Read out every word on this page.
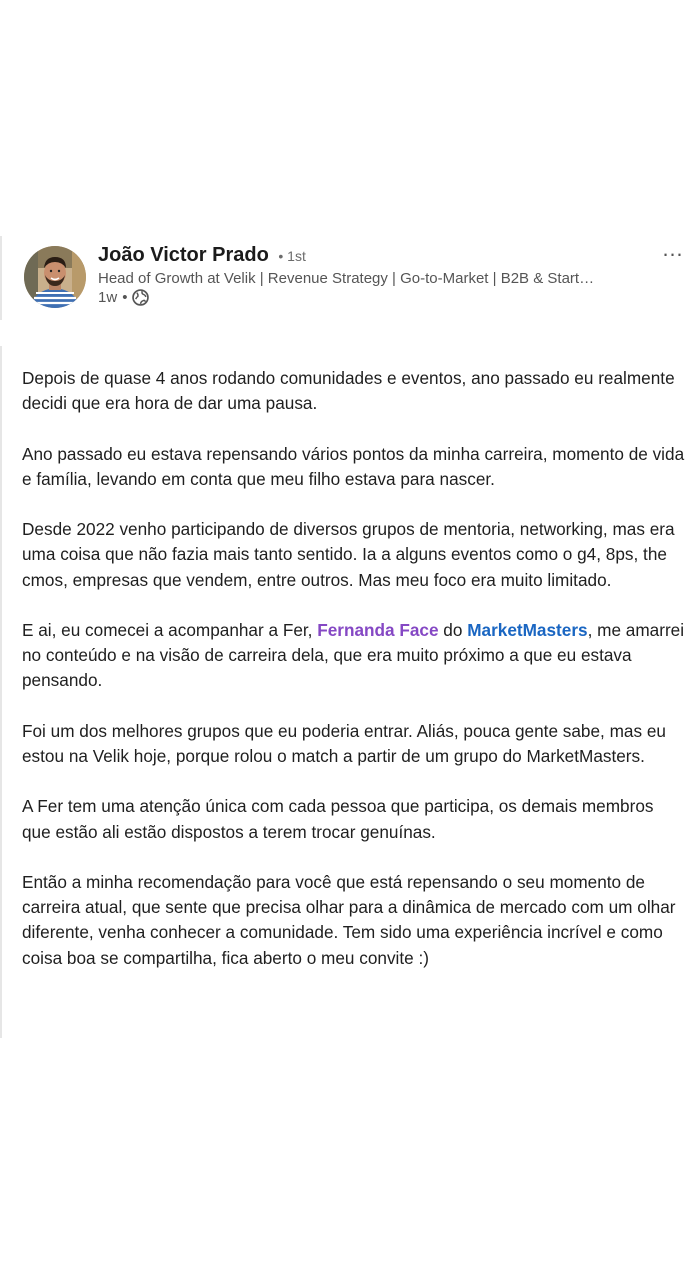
João Victor Prado • 1st
Head of Growth at Velik | Revenue Strategy | Go-to-Market | B2B & Start…
1w •
…

Depois de quase 4 anos rodando comunidades e eventos, ano passado eu realmente decidi que era hora de dar uma pausa.

Ano passado eu estava repensando vários pontos da minha carreira, momento de vida e família, levando em conta que meu filho estava para nascer.

Desde 2022 venho participando de diversos grupos de mentoria, networking, mas era uma coisa que não fazia mais tanto sentido. Ia a alguns eventos como o g4, 8ps, the cmos, empresas que vendem, entre outros. Mas meu foco era muito limitado.

E ai, eu comecei a acompanhar a Fer, Fernanda Face do MarketMasters, me amarrei no conteúdo e na visão de carreira dela, que era muito próximo a que eu estava pensando.

Foi um dos melhores grupos que eu poderia entrar. Aliás, pouca gente sabe, mas eu estou na Velik hoje, porque rolou o match a partir de um grupo do MarketMasters.

A Fer tem uma atenção única com cada pessoa que participa, os demais membros que estão ali estão dispostos a terem trocar genuínas.

Então a minha recomendação para você que está repensando o seu momento de carreira atual, que sente que precisa olhar para a dinâmica de mercado com um olhar diferente, venha conhecer a comunidade. Tem sido uma experiência incrível e como coisa boa se compartilha, fica aberto o meu convite :)
